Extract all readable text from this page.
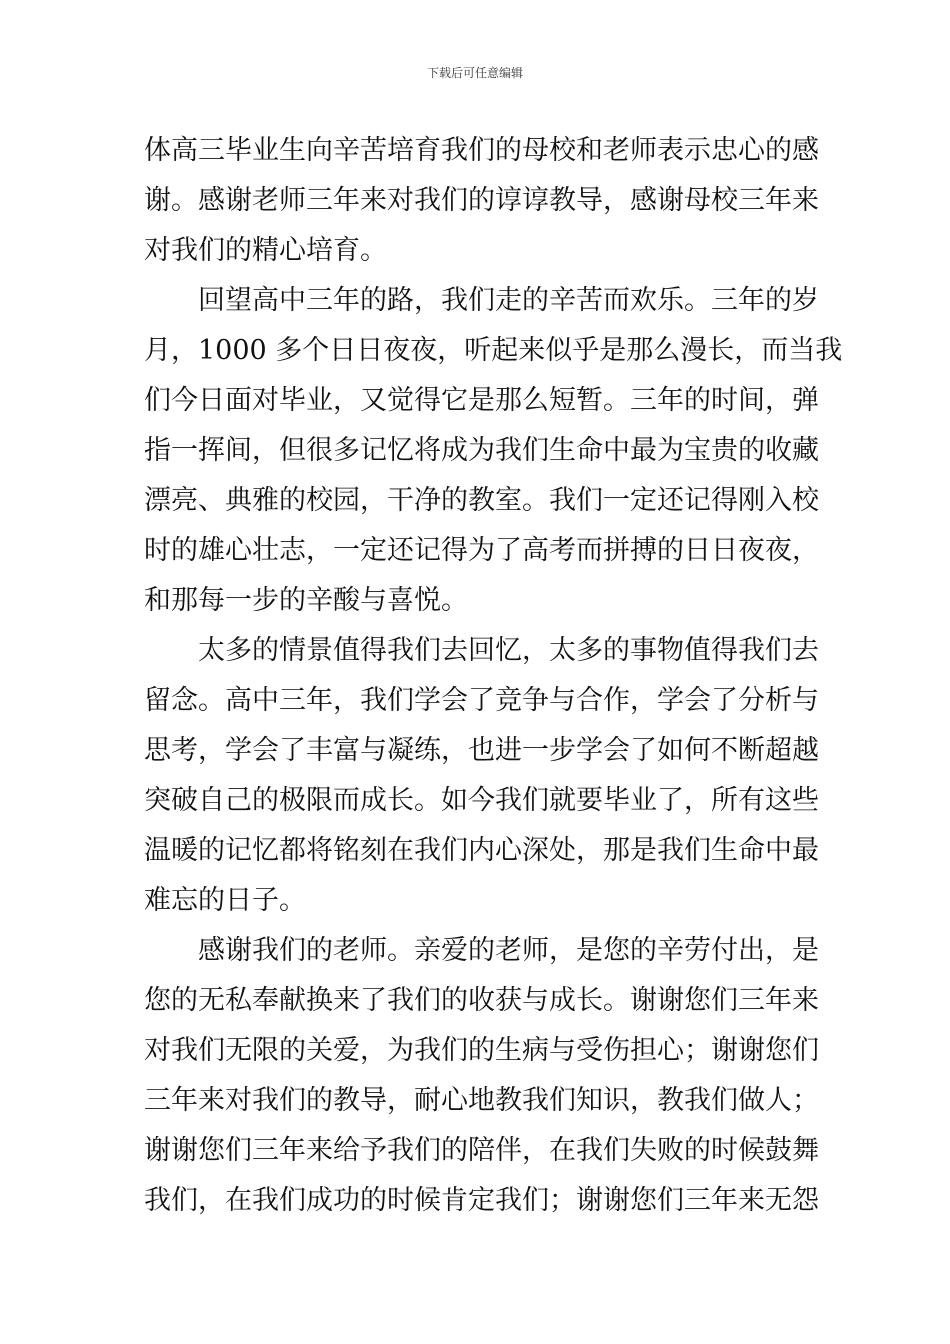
下载后可任意编辑
体高三毕业生向辛苦培育我们的母校和老师表示忠心的感
谢。感谢老师三年来对我们的谆谆教导，感谢母校三年来
对我们的精心培育。
回望高中三年的路，我们走的辛苦而欢乐。三年的岁
月，1000 多个日日夜夜，听起来似乎是那么漫长，而当我
们今日面对毕业，又觉得它是那么短暂。三年的时间，弹
指一挥间，但很多记忆将成为我们生命中最为宝贵的收藏
漂亮、典雅的校园，干净的教室。我们一定还记得刚入校
时的雄心壮志，一定还记得为了高考而拼搏的日日夜夜，
和那每一步的辛酸与喜悦。
太多的情景值得我们去回忆，太多的事物值得我们去
留念。高中三年，我们学会了竞争与合作，学会了分析与
思考，学会了丰富与凝练，也进一步学会了如何不断超越
突破自己的极限而成长。如今我们就要毕业了，所有这些
温暖的记忆都将铭刻在我们内心深处，那是我们生命中最
难忘的日子。
感谢我们的老师。亲爱的老师，是您的辛劳付出，是
您的无私奉献换来了我们的收获与成长。谢谢您们三年来
对我们无限的关爱，为我们的生病与受伤担心；谢谢您们
三年来对我们的教导，耐心地教我们知识，教我们做人；
谢谢您们三年来给予我们的陪伴，在我们失败的时候鼓舞
我们，在我们成功的时候肯定我们；谢谢您们三年来无怨
